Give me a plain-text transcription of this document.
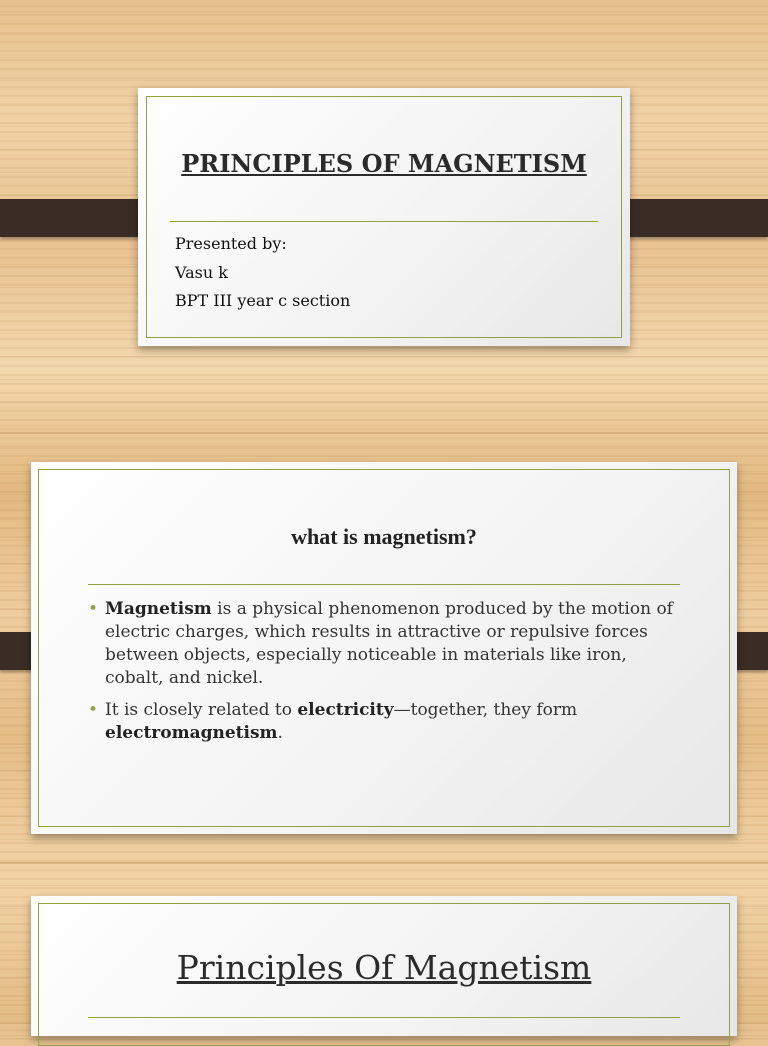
PRINCIPLES OF MAGNETISM
Presented by:
Vasu k
BPT III year c section
what is magnetism?
• Magnetism is a physical phenomenon produced by the motion of electric charges, which results in attractive or repulsive forces between objects, especially noticeable in materials like iron, cobalt, and nickel.
• It is closely related to electricity—together, they form electromagnetism.
Principles Of Magnetism
